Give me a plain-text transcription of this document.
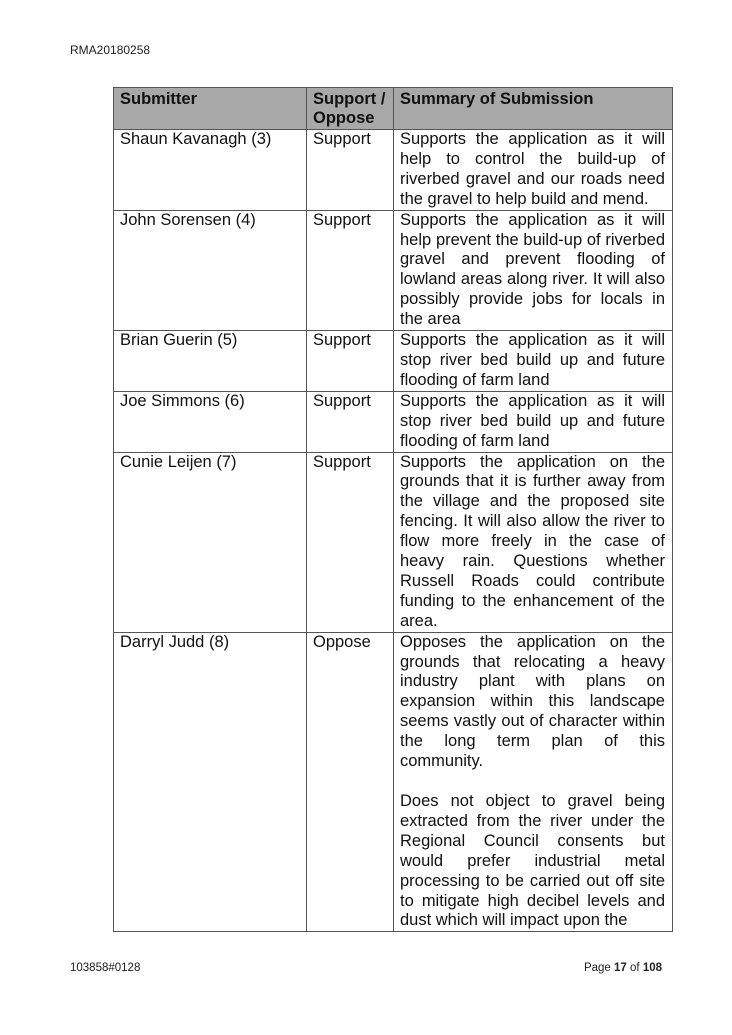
RMA20180258
Submitter	Support / Oppose	Summary of Submission
Shaun Kavanagh (3)	Support	Supports the application as it will help to control the build-up of riverbed gravel and our roads need the gravel to help build and mend.

John Sorensen (4)	Support	Supports the application as it will help prevent the build-up of riverbed gravel and prevent flooding of lowland areas along river. It will also possibly provide jobs for locals in the area

Brian Guerin (5)	Support	Supports the application as it will stop river bed build up and future flooding of farm land

Joe Simmons (6)	Support	Supports the application as it will stop river bed build up and future flooding of farm land

Cunie Leijen (7)	Support	Supports the application on the grounds that it is further away from the village and the proposed site fencing. It will also allow the river to flow more freely in the case of heavy rain. Questions whether Russell Roads could contribute funding to the enhancement of the area.

Darryl Judd (8)	Oppose	Opposes the application on the grounds that relocating a heavy industry plant with plans on expansion within this landscape seems vastly out of character within the long term plan of this community.
Does not object to gravel being extracted from the river under the Regional Council consents but would prefer industrial metal processing to be carried out off site to mitigate high decibel levels and dust which will impact upon the
103858#0128	Page 17 of 108
